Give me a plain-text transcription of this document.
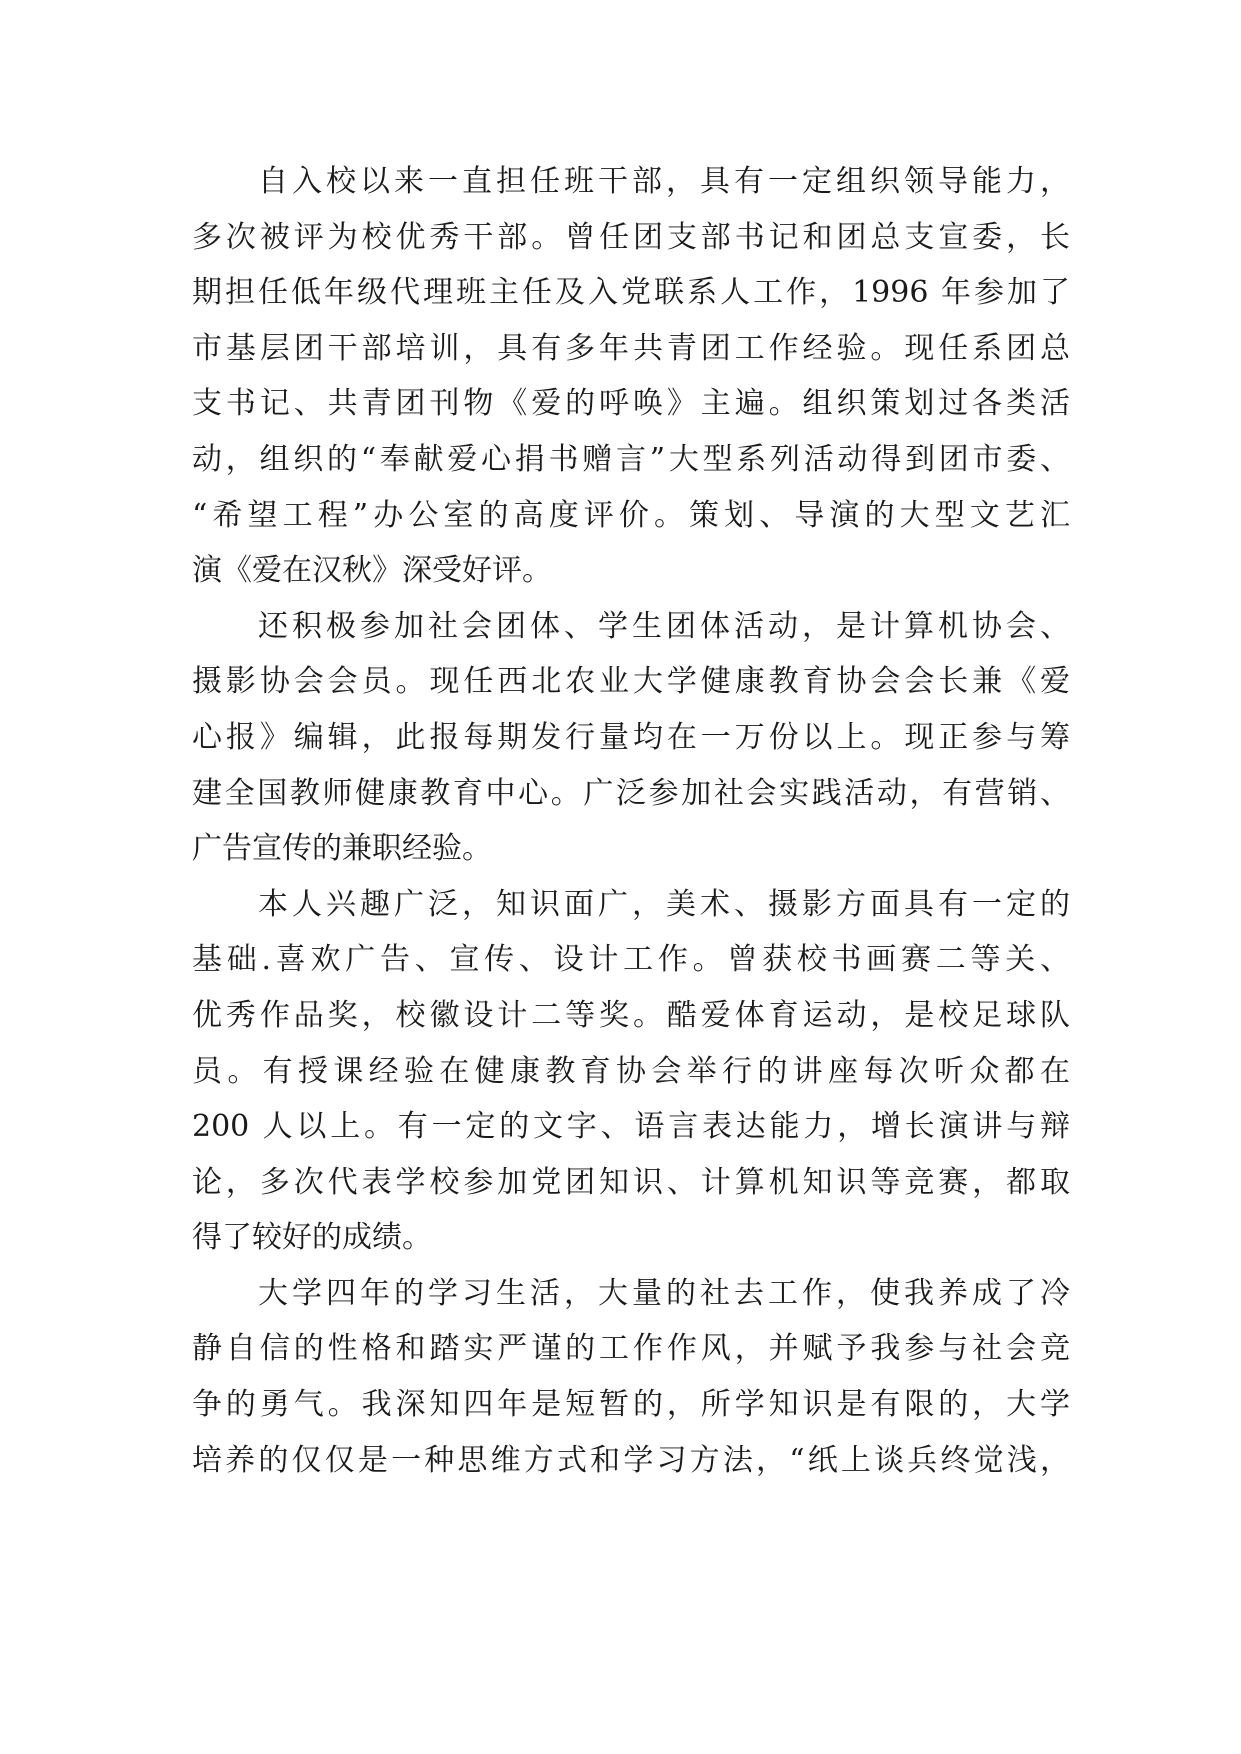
自入校以来一直担任班干部，具有一定组织领导能力，
多次被评为校优秀干部。曾任团支部书记和团总支宣委，长
期担任低年级代理班主任及入党联系人工作，1996 年参加了
市基层团干部培训，具有多年共青团工作经验。现任系团总
支书记、共青团刊物《爱的呼唤》主遍。组织策划过各类活
动，组织的“奉献爱心捐书赠言”大型系列活动得到团市委、
“希望工程”办公室的高度评价。策划、导演的大型文艺汇
演《爱在汉秋》深受好评。
还积极参加社会团体、学生团体活动，是计算机协会、
摄影协会会员。现任西北农业大学健康教育协会会长兼《爱
心报》编辑，此报每期发行量均在一万份以上。现正参与筹
建全国教师健康教育中心。广泛参加社会实践活动，有营销、
广告宣传的兼职经验。
本人兴趣广泛，知识面广，美术、摄影方面具有一定的
基础.喜欢广告、宣传、设计工作。曾获校书画赛二等关、
优秀作品奖，校徽设计二等奖。酷爱体育运动，是校足球队
员。有授课经验在健康教育协会举行的讲座每次听众都在
200 人以上。有一定的文字、语言表达能力，增长演讲与辩
论，多次代表学校参加党团知识、计算机知识等竞赛，都取
得了较好的成绩。
大学四年的学习生活，大量的社去工作，使我养成了冷
静自信的性格和踏实严谨的工作作风，并赋予我参与社会竞
争的勇气。我深知四年是短暂的，所学知识是有限的，大学
培养的仅仅是一种思维方式和学习方法，“纸上谈兵终觉浅，
